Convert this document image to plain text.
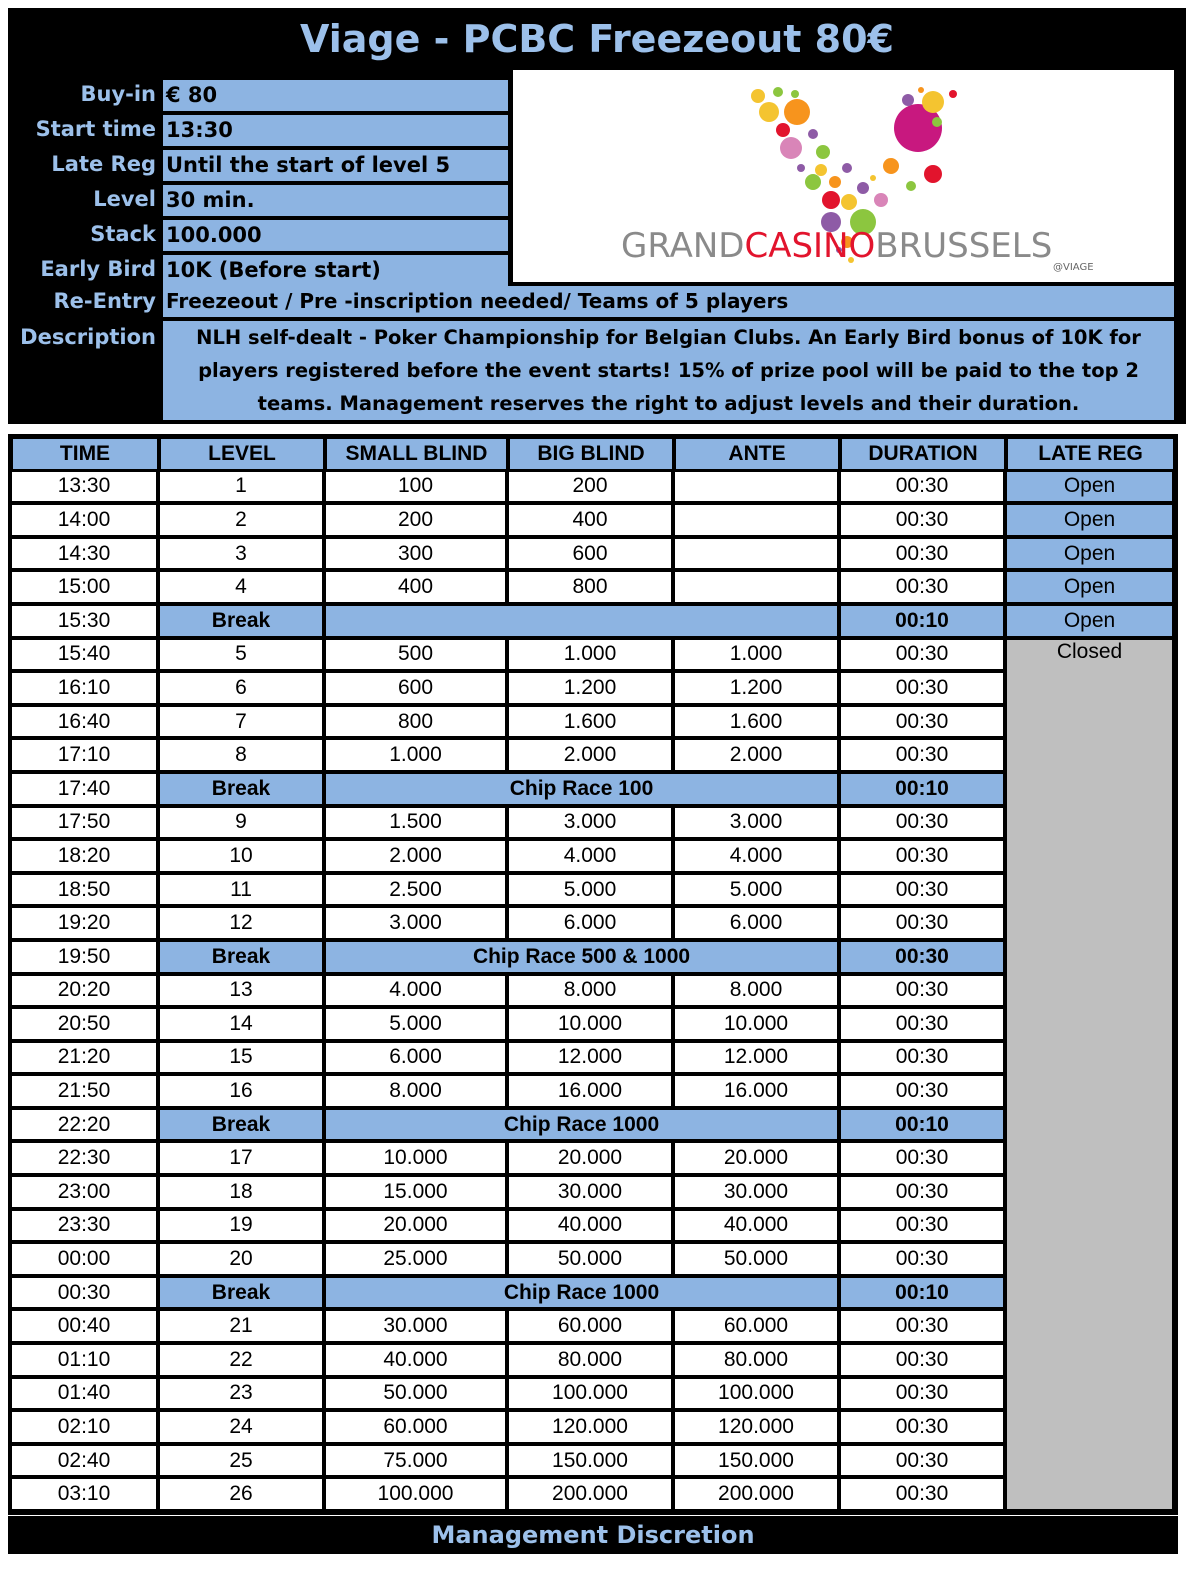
Viage - PCBC Freezeout 80€
Buy-in € 80
Start time 13:30
Late Reg Until the start of level 5
Level 30 min.
Stack 100.000
Early Bird 10K (Before start)
GRANDCASINOBRUSSELS
@VIAGE
Re-Entry Freezeout / Pre -inscription needed/ Teams of 5 players
Description	NLH self-dealt - Poker Championship for Belgian Clubs. An Early Bird bonus of 10K for players registered before the event starts! 15% of prize pool will be paid to the top 2 teams. Management reserves the right to adjust levels and their duration.
TIME	LEVEL	SMALL BLIND	BIG BLIND	ANTE	DURATION	LATE REG
13:30	1	100	200		00:30	Open
14:00	2	200	400		00:30	Open
14:30	3	300	600		00:30	Open
15:00	4	400	800		00:30	Open
15:30	Break				00:10	Open
15:40	5	500	1.000	1.000	00:30	Closed
16:10	6	600	1.200	1.200	00:30	
16:40	7	800	1.600	1.600	00:30	
17:10	8	1.000	2.000	2.000	00:30	
17:40	Break	Chip Race 100			00:10	
17:50	9	1.500	3.000	3.000	00:30	
18:20	10	2.000	4.000	4.000	00:30	
18:50	11	2.500	5.000	5.000	00:30	
19:20	12	3.000	6.000	6.000	00:30	
19:50	Break	Chip Race 500 & 1000			00:30	
20:20	13	4.000	8.000	8.000	00:30	
20:50	14	5.000	10.000	10.000	00:30	
21:20	15	6.000	12.000	12.000	00:30	
21:50	16	8.000	16.000	16.000	00:30	
22:20	Break	Chip Race 1000			00:10	
22:30	17	10.000	20.000	20.000	00:30	
23:00	18	15.000	30.000	30.000	00:30	
23:30	19	20.000	40.000	40.000	00:30	
00:00	20	25.000	50.000	50.000	00:30	
00:30	Break	Chip Race 1000			00:10	
00:40	21	30.000	60.000	60.000	00:30	
01:10	22	40.000	80.000	80.000	00:30	
01:40	23	50.000	100.000	100.000	00:30	
02:10	24	60.000	120.000	120.000	00:30	
02:40	25	75.000	150.000	150.000	00:30	
03:10	26	100.000	200.000	200.000	00:30	
Management Discretion
